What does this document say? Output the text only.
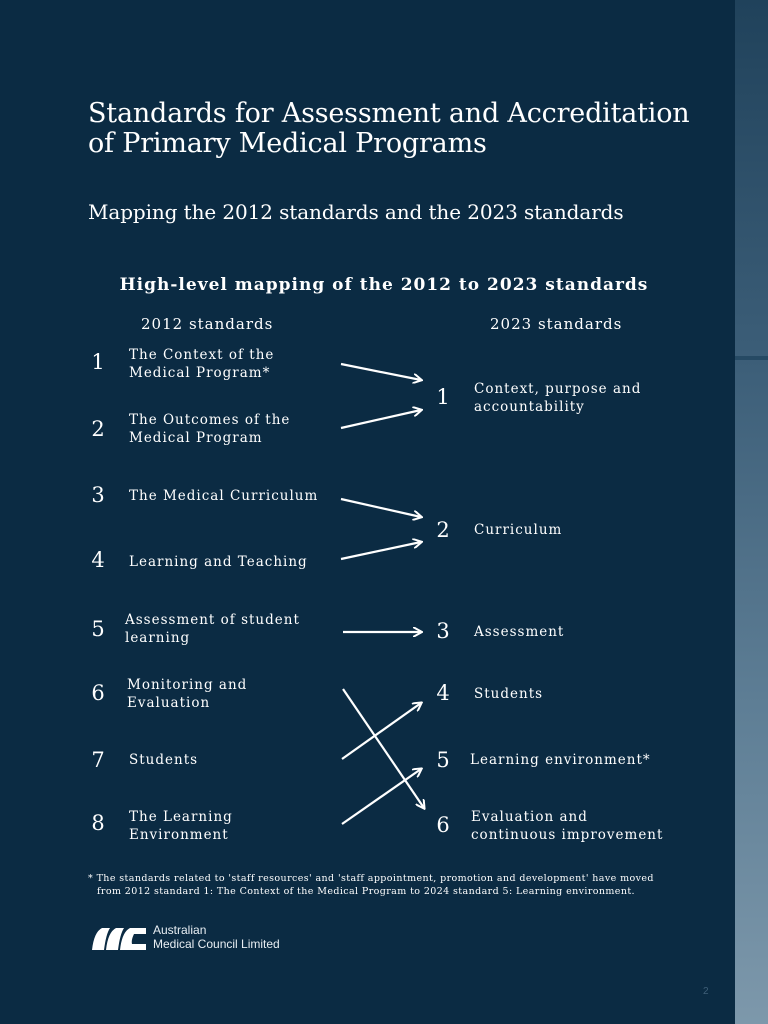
Standards for Assessment and Accreditation
of Primary Medical Programs
Mapping the 2012 standards and the 2023 standards
High-level mapping of the 2012 to 2023 standards
2012 standards	2023 standards
1	The Context of the
Medical Program*
2	The Outcomes of the
Medical Program
3	The Medical Curriculum
4	Learning and Teaching
5	Assessment of student
learning
6	Monitoring and
Evaluation
7	Students
8	The Learning
Environment
1	Context, purpose and
accountability
2	Curriculum
3	Assessment
4	Students
5	Learning environment*
6	Evaluation and
continuous improvement
* The standards related to 'staff resources' and 'staff appointment, promotion and development' have moved
from 2012 standard 1: The Context of the Medical Program to 2024 standard 5: Learning environment.
Australian
Medical Council Limited
2
